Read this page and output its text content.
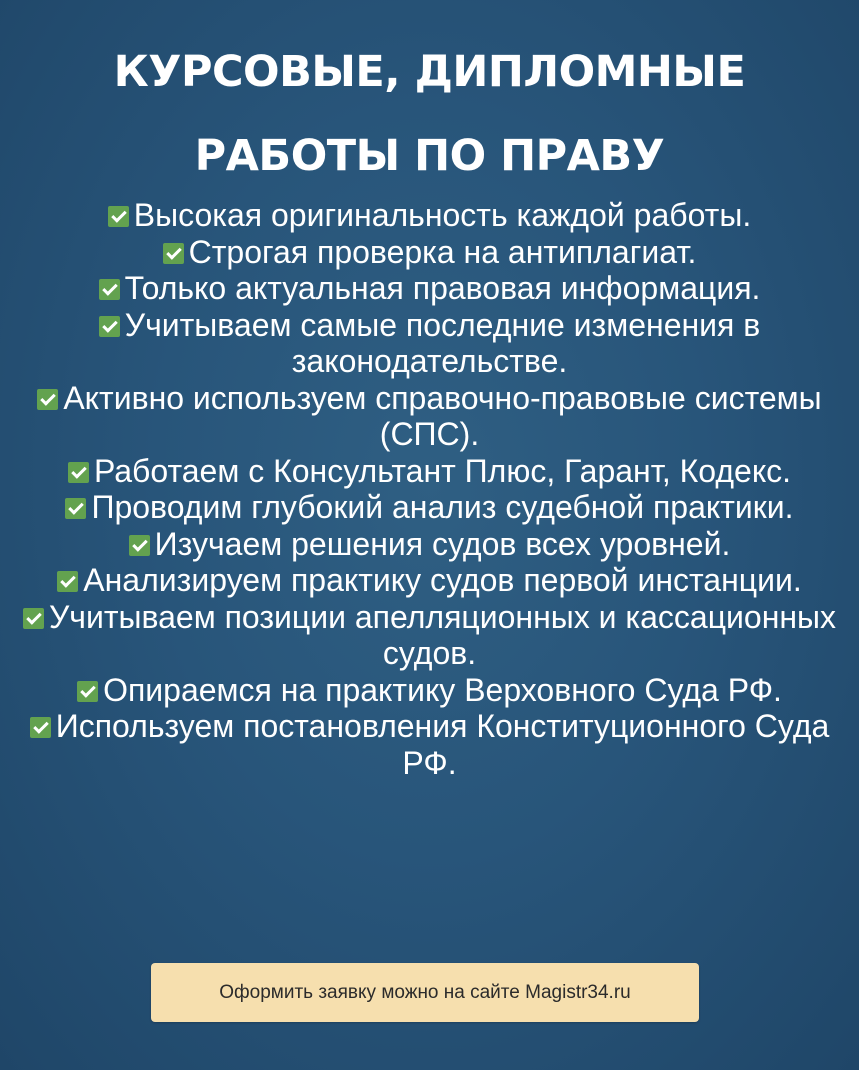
КУРСОВЫЕ, ДИПЛОМНЫЕ
РАБОТЫ ПО ПРАВУ
Высокая оригинальность каждой работы.
Строгая проверка на антиплагиат.
Только актуальная правовая информация.
Учитываем самые последние изменения в законодательстве.
Активно используем справочно-правовые системы (СПС).
Работаем с Консультант Плюс, Гарант, Кодекс.
Проводим глубокий анализ судебной практики.
Изучаем решения судов всех уровней.
Анализируем практику судов первой инстанции.
Учитываем позиции апелляционных и кассационных судов.
Опираемся на практику Верховного Суда РФ.
Используем постановления Конституционного Суда РФ.
Оформить заявку можно на сайте Magistr34.ru
